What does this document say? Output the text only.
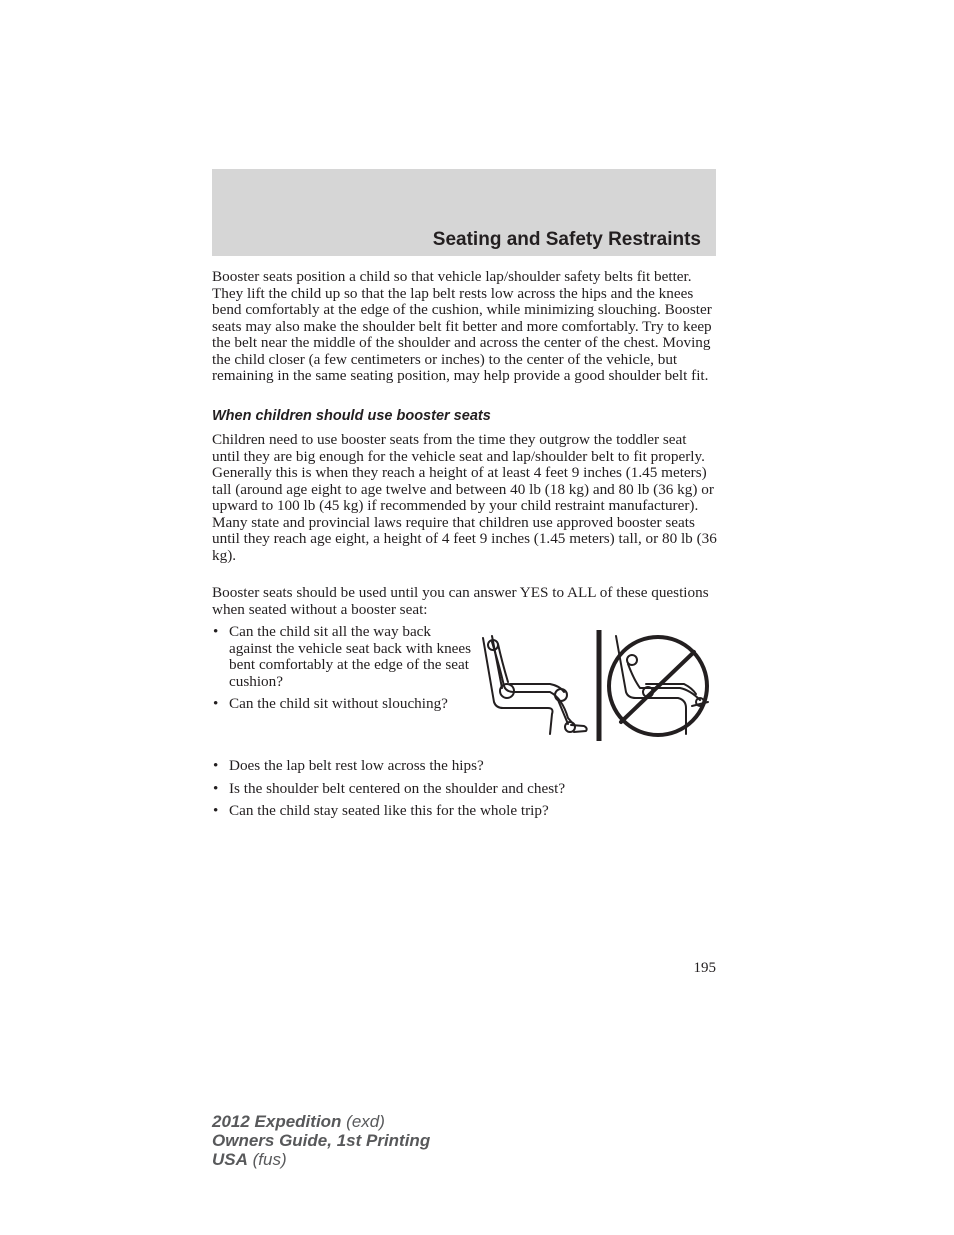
Seating and Safety Restraints

Booster seats position a child so that vehicle lap/shoulder safety belts fit better. They lift the child up so that the lap belt rests low across the hips and the knees bend comfortably at the edge of the cushion, while minimizing slouching. Booster seats may also make the shoulder belt fit better and more comfortably. Try to keep the belt near the middle of the shoulder and across the center of the chest. Moving the child closer (a few centimeters or inches) to the center of the vehicle, but remaining in the same seating position, may help provide a good shoulder belt fit.

When children should use booster seats

Children need to use booster seats from the time they outgrow the toddler seat until they are big enough for the vehicle seat and lap/shoulder belt to fit properly. Generally this is when they reach a height of at least 4 feet 9 inches (1.45 meters) tall (around age eight to age twelve and between 40 lb (18 kg) and 80 lb (36 kg) or upward to 100 lb (45 kg) if recommended by your child restraint manufacturer). Many state and provincial laws require that children use approved booster seats until they reach age eight, a height of 4 feet 9 inches (1.45 meters) tall, or 80 lb (36 kg).

Booster seats should be used until you can answer YES to ALL of these questions when seated without a booster seat:

• Can the child sit all the way back against the vehicle seat back with knees bent comfortably at the edge of the seat cushion?
• Can the child sit without slouching?
• Does the lap belt rest low across the hips?
• Is the shoulder belt centered on the shoulder and chest?
• Can the child stay seated like this for the whole trip?
195
2012 Expedition (exd)
Owners Guide, 1st Printing
USA (fus)
